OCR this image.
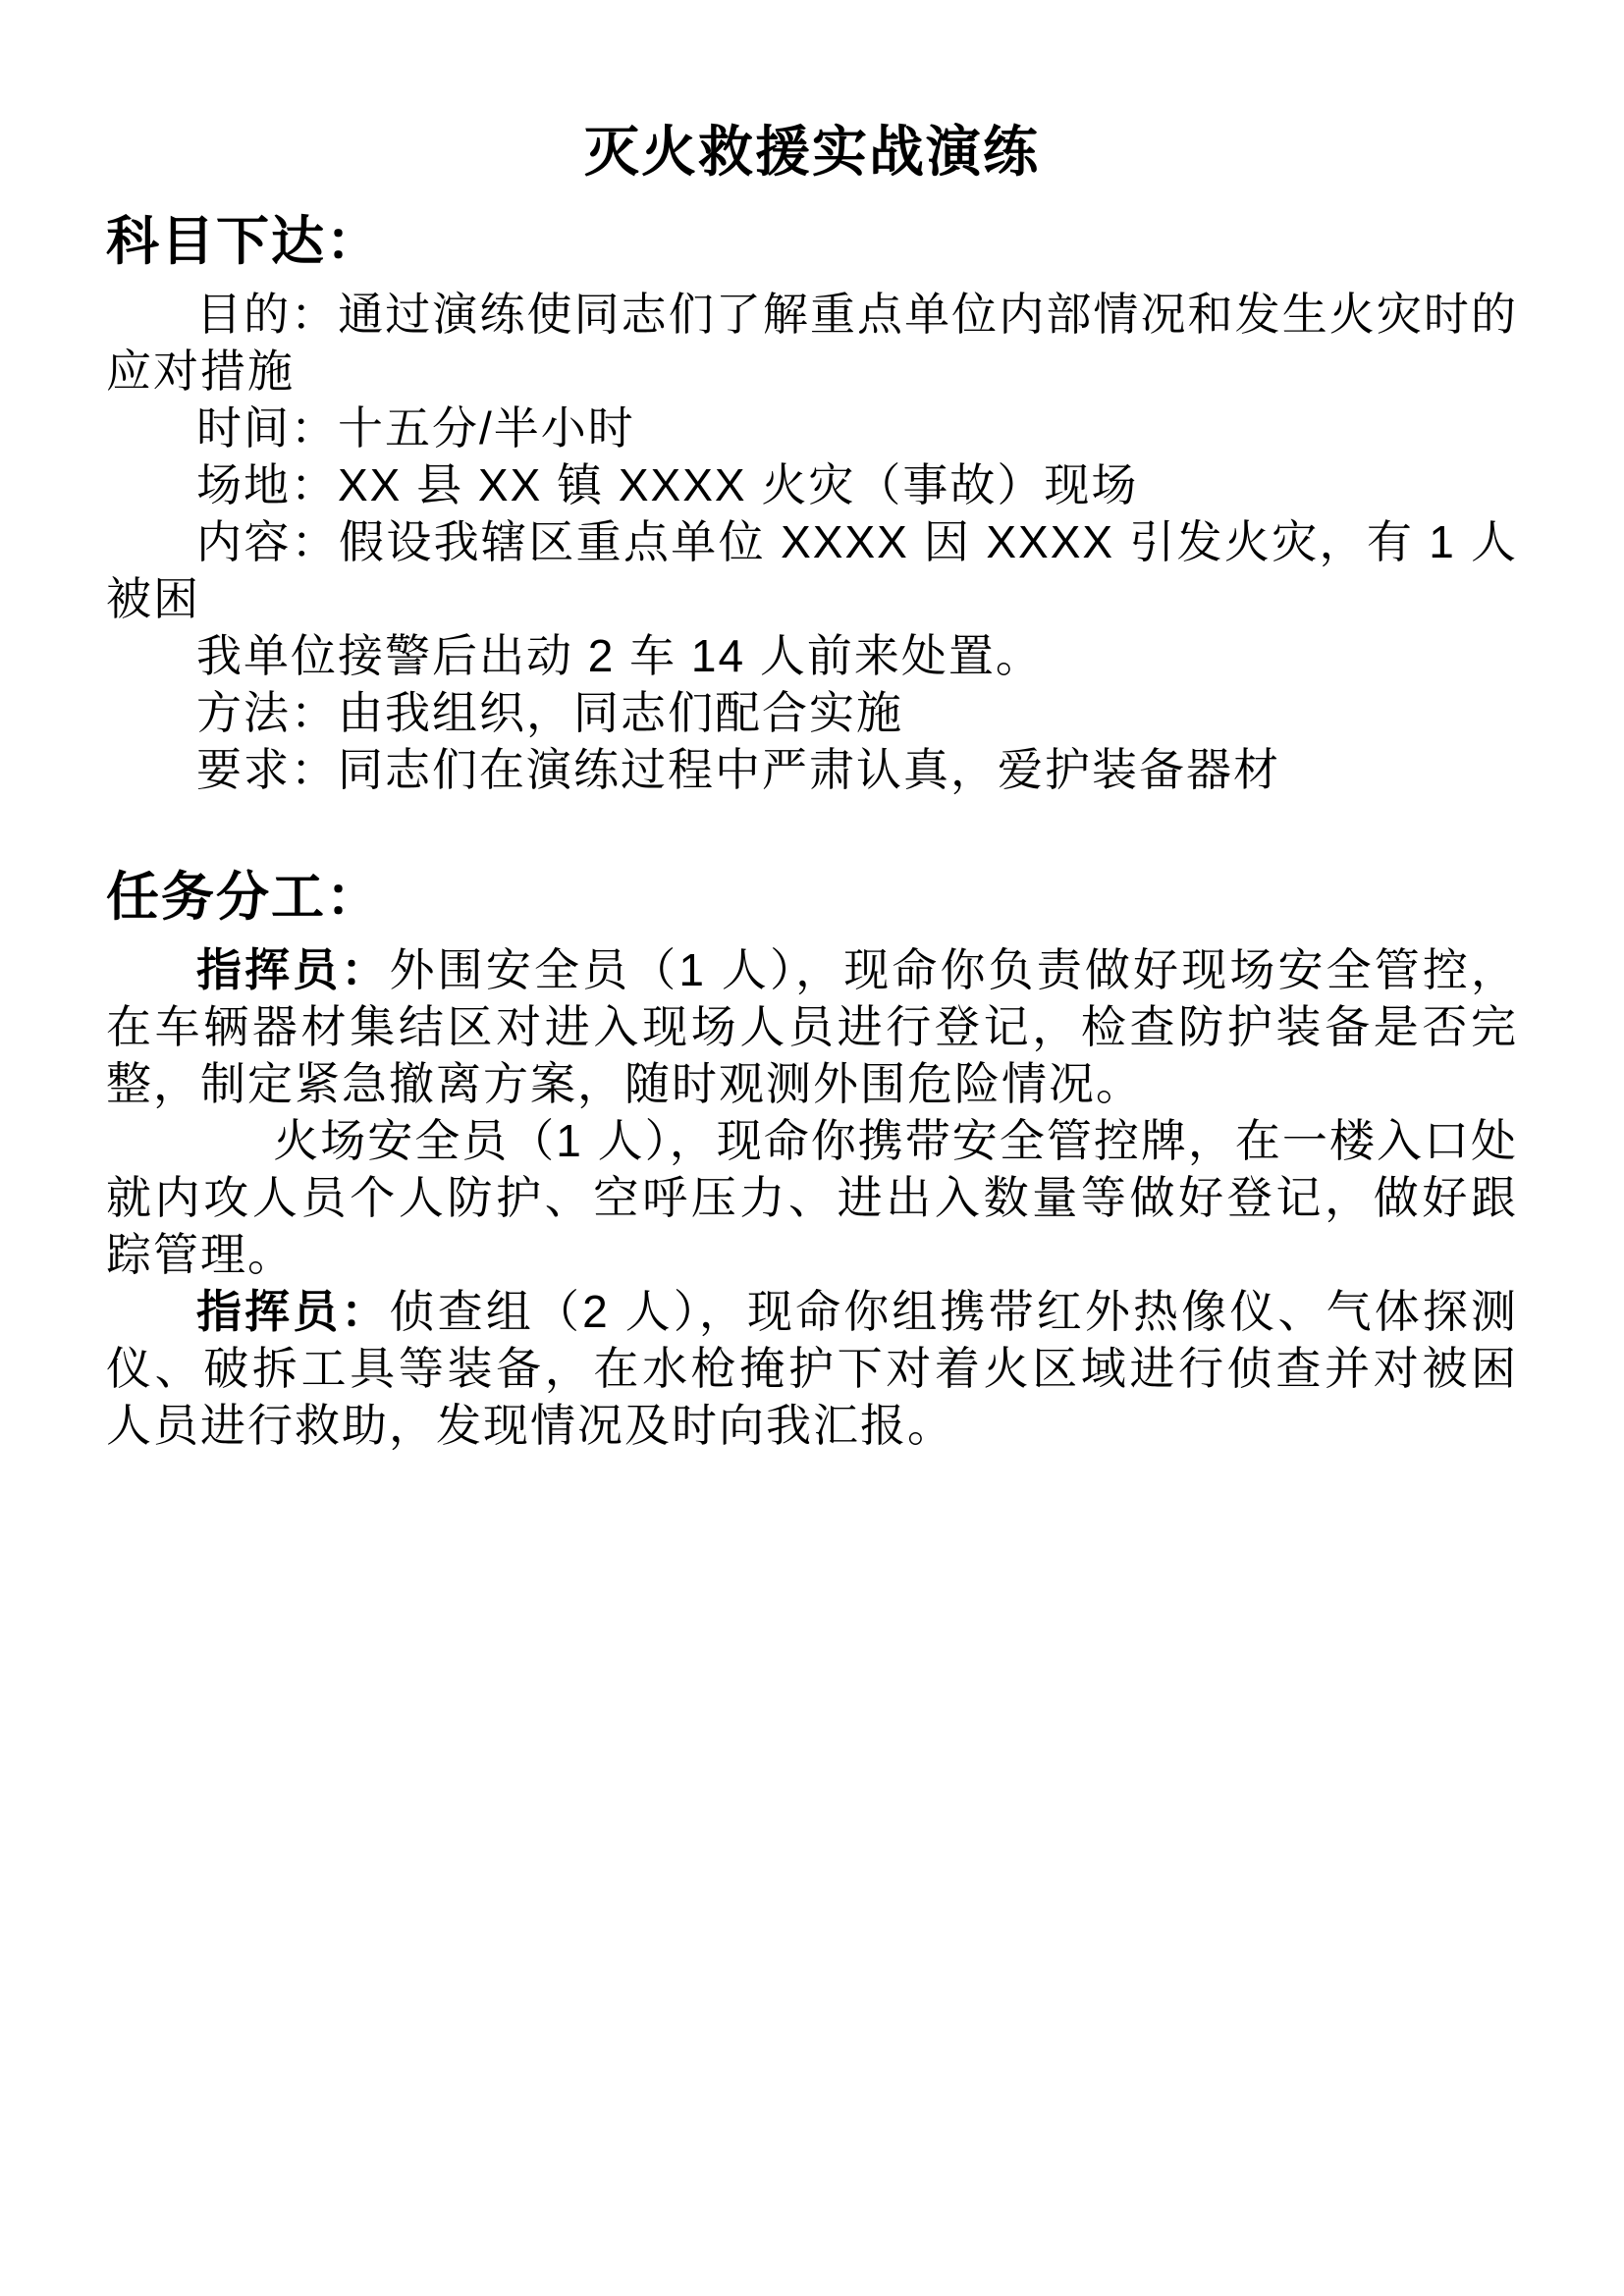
灭火救援实战演练
科目下达：

目的：通过演练使同志们了解重点单位内部情况和发生火灾时的应对措施

时间：十五分/半小时

场地：XX 县 XX 镇 XXXX 火灾（事故）现场

内容：假设我辖区重点单位 XXXX 因 XXXX 引发火灾，有 1 人被困

我单位接警后出动 2 车 14 人前来处置。

方法：由我组织，同志们配合实施

要求：同志们在演练过程中严肃认真，爱护装备器材

任务分工：

指挥员：外围安全员（1 人），现命你负责做好现场安全管控，在车辆器材集结区对进入现场人员进行登记，检查防护装备是否完整，制定紧急撤离方案，随时观测外围危险情况。

火场安全员（1 人），现命你携带安全管控牌，在一楼入口处就内攻人员个人防护、空呼压力、进出入数量等做好登记，做好跟踪管理。

指挥员：侦查组（2 人），现命你组携带红外热像仪、气体探测仪、破拆工具等装备，在水枪掩护下对着火区域进行侦查并对被困人员进行救助，发现情况及时向我汇报。
